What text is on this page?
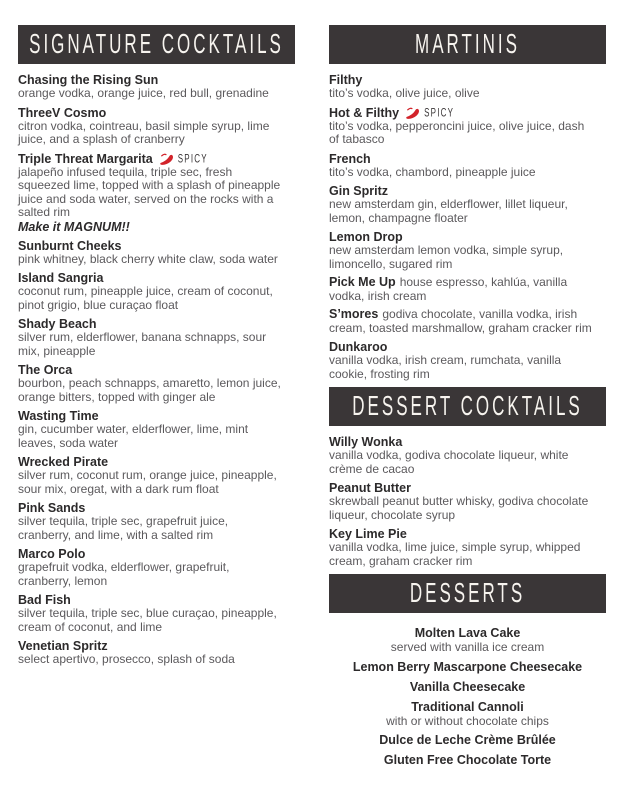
SIGNATURE COCKTAILS
Chasing the Rising Sun
orange vodka, orange juice, red bull, grenadine
ThreeV Cosmo
citron vodka, cointreau, basil simple syrup, lime juice, and a splash of cranberry
Triple Threat Margarita	SPICY
jalapeño infused tequila, triple sec, fresh squeezed lime, topped with a splash of pineapple juice and soda water, served on the rocks with a salted rim
Make it MAGNUM!!
Sunburnt Cheeks
pink whitney, black cherry white claw, soda water
Island Sangria
coconut rum, pineapple juice, cream of coconut, pinot grigio, blue curaçao float
Shady Beach
silver rum, elderflower, banana schnapps, sour mix, pineapple
The Orca
bourbon, peach schnapps, amaretto, lemon juice, orange bitters, topped with ginger ale
Wasting Time
gin, cucumber water, elderflower, lime, mint leaves, soda water
Wrecked Pirate
silver rum, coconut rum, orange juice, pineapple, sour mix, oregat, with a dark rum float
Pink Sands
silver tequila, triple sec, grapefruit juice, cranberry, and lime, with a salted rim
Marco Polo
grapefruit vodka, elderflower, grapefruit, cranberry, lemon
Bad Fish
silver tequila, triple sec, blue curaçao, pineapple, cream of coconut, and lime
Venetian Spritz
select apertivo, prosecco, splash of soda
MARTINIS
Filthy
tito’s vodka, olive juice, olive
Hot & Filthy	SPICY
tito’s vodka, pepperoncini juice, olive juice, dash of tabasco
French
tito’s vodka, chambord, pineapple juice
Gin Spritz
new amsterdam gin, elderflower, lillet liqueur, lemon, champagne floater
Lemon Drop
new amsterdam lemon vodka, simple syrup, limoncello, sugared rim
Pick Me Up house espresso, kahlúa, vanilla vodka, irish cream
S’mores godiva chocolate, vanilla vodka, irish cream, toasted marshmallow, graham cracker rim
Dunkaroo
vanilla vodka, irish cream, rumchata, vanilla cookie, frosting rim
DESSERT COCKTAILS
Willy Wonka
vanilla vodka, godiva chocolate liqueur, white crème de cacao
Peanut Butter
skrewball peanut butter whisky, godiva chocolate liqueur, chocolate syrup
Key Lime Pie
vanilla vodka, lime juice, simple syrup, whipped cream, graham cracker rim
DESSERTS
Molten Lava Cake
served with vanilla ice cream
Lemon Berry Mascarpone Cheesecake
Vanilla Cheesecake
Traditional Cannoli
with or without chocolate chips
Dulce de Leche Crème Brûlée
Gluten Free Chocolate Torte
